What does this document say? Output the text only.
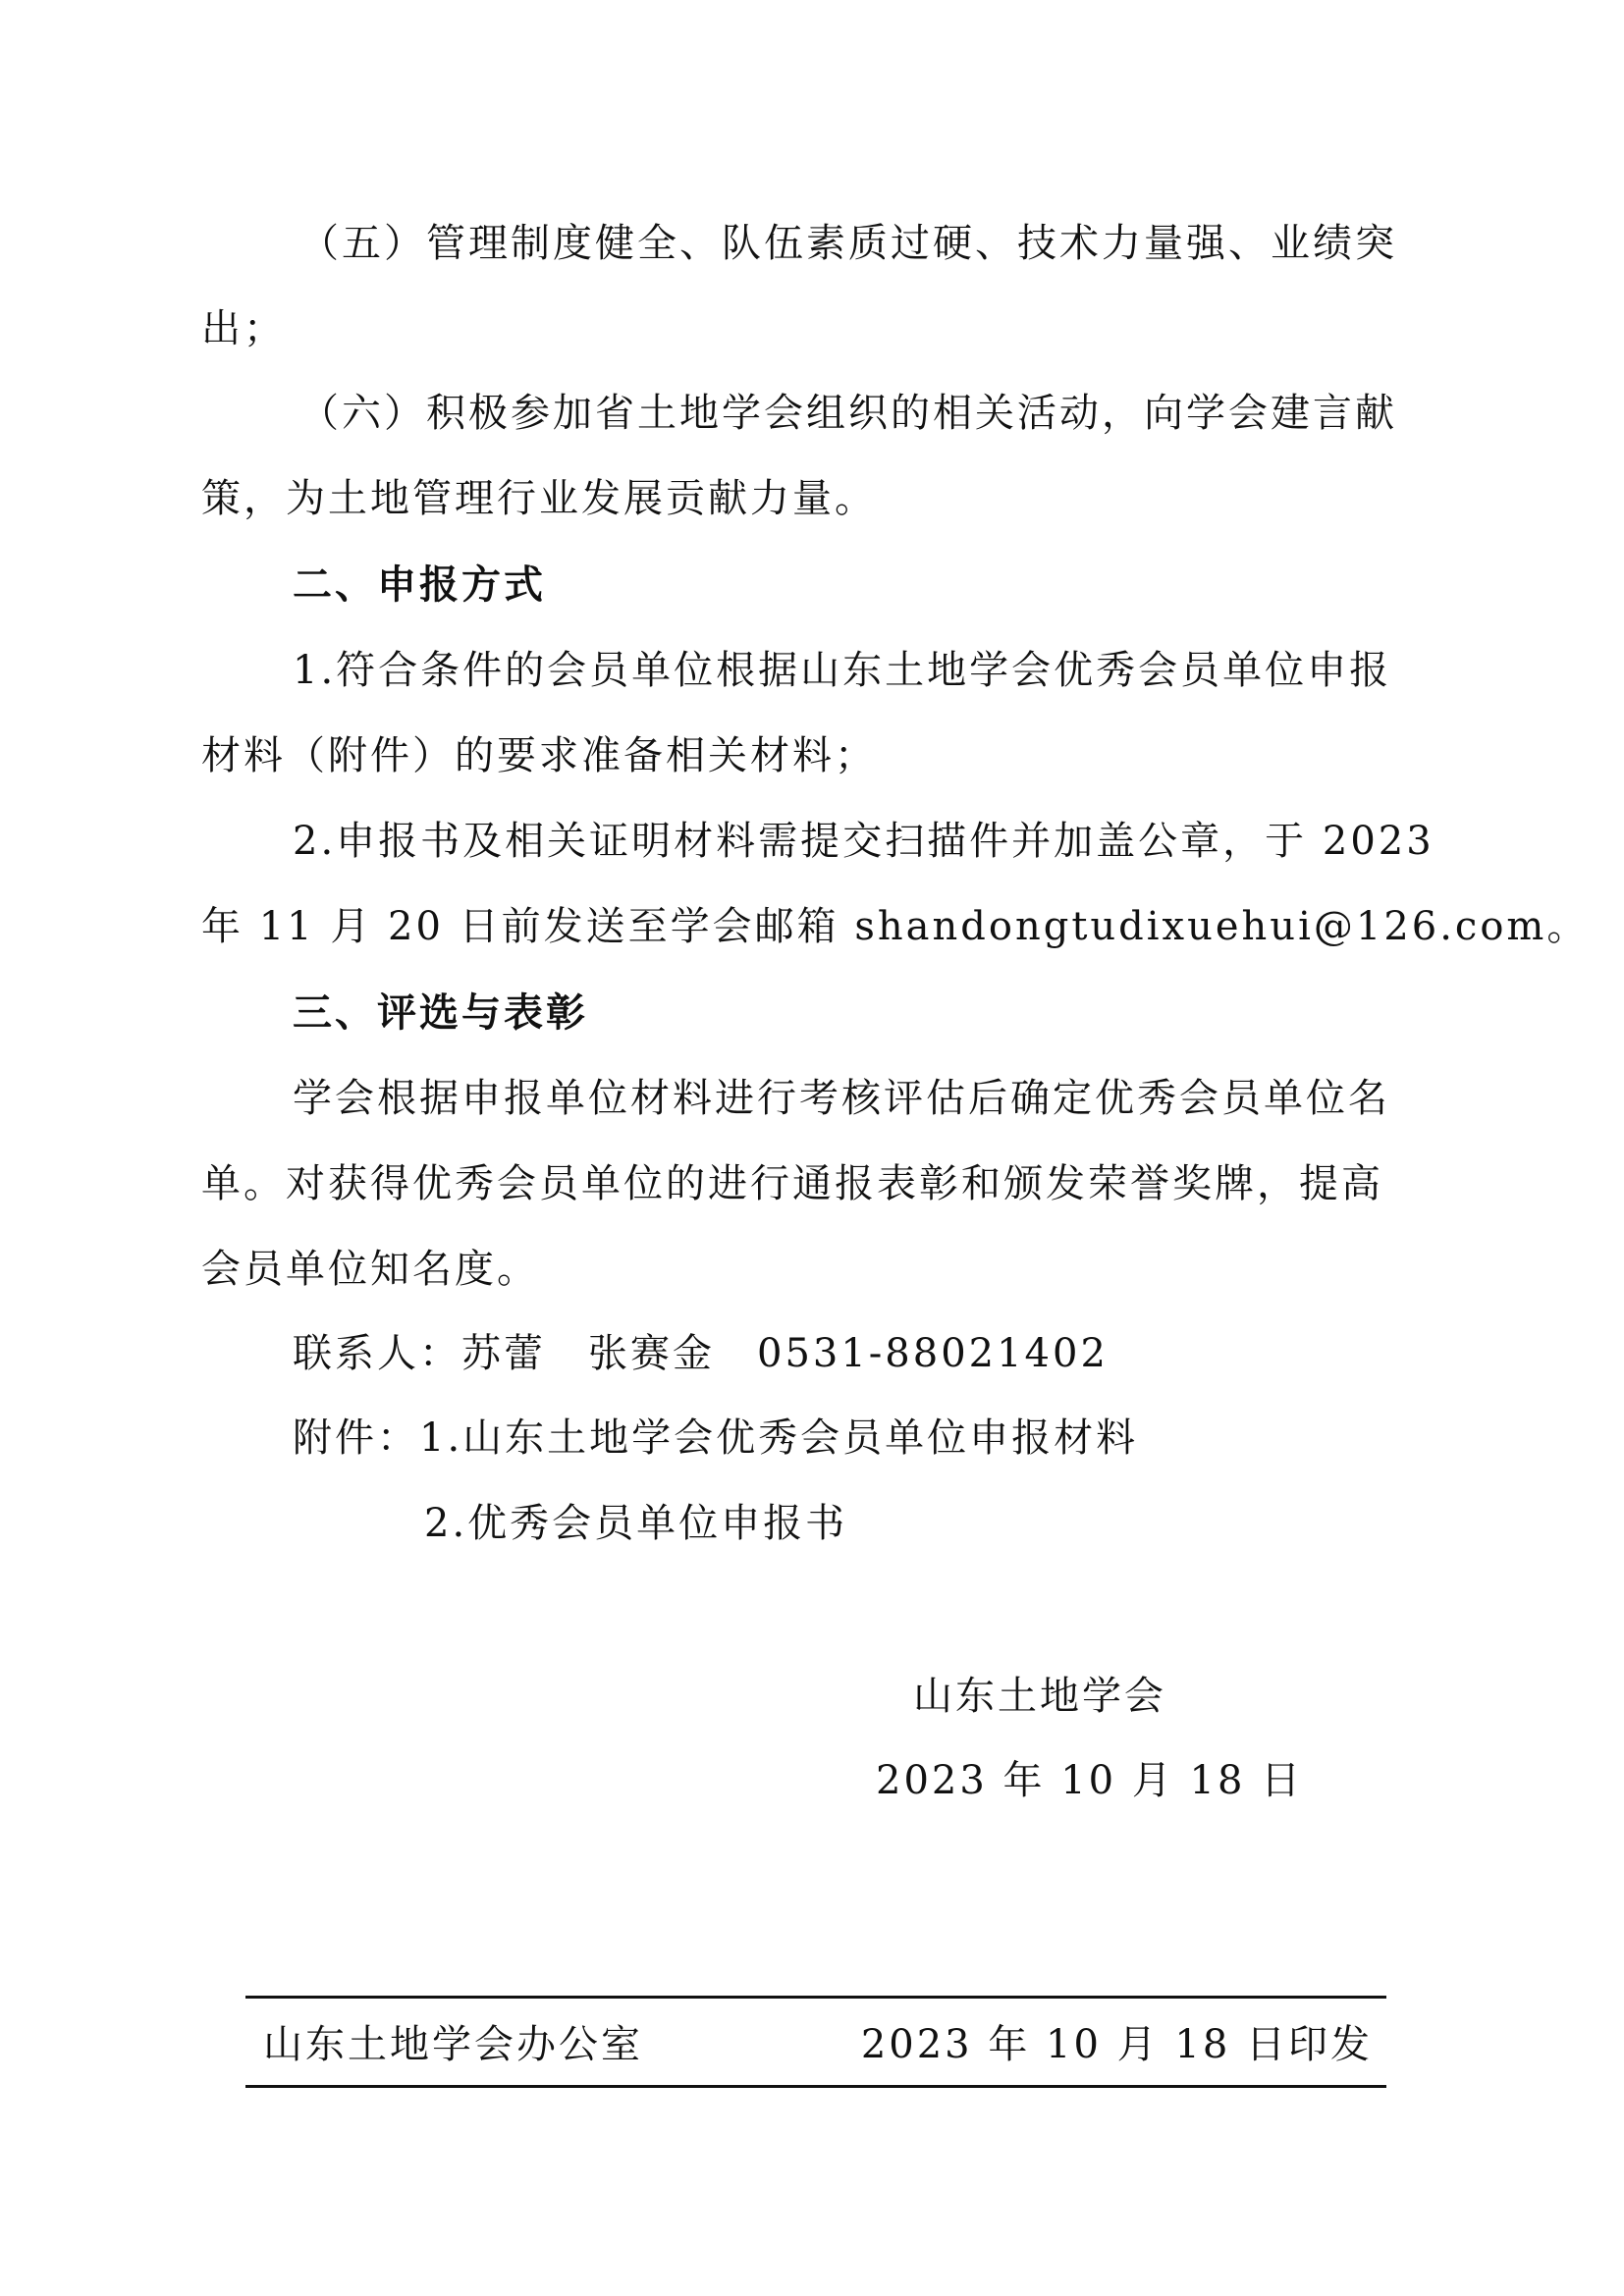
（五）管理制度健全、队伍素质过硬、技术力量强、业绩突
出；
（六）积极参加省土地学会组织的相关活动，向学会建言献
策，为土地管理行业发展贡献力量。
二、申报方式
1.符合条件的会员单位根据山东土地学会优秀会员单位申报
材料（附件）的要求准备相关材料；
2.申报书及相关证明材料需提交扫描件并加盖公章，于 2023
年 11 月 20 日前发送至学会邮箱 shandongtudixuehui@126.com。
三、评选与表彰
学会根据申报单位材料进行考核评估后确定优秀会员单位名
单。对获得优秀会员单位的进行通报表彰和颁发荣誉奖牌，提高
会员单位知名度。
联系人：苏蕾　张赛金　0531-88021402
附件：1.山东土地学会优秀会员单位申报材料
2.优秀会员单位申报书
山东土地学会
2023 年 10 月 18 日
山东土地学会办公室	2023 年 10 月 18 日印发
